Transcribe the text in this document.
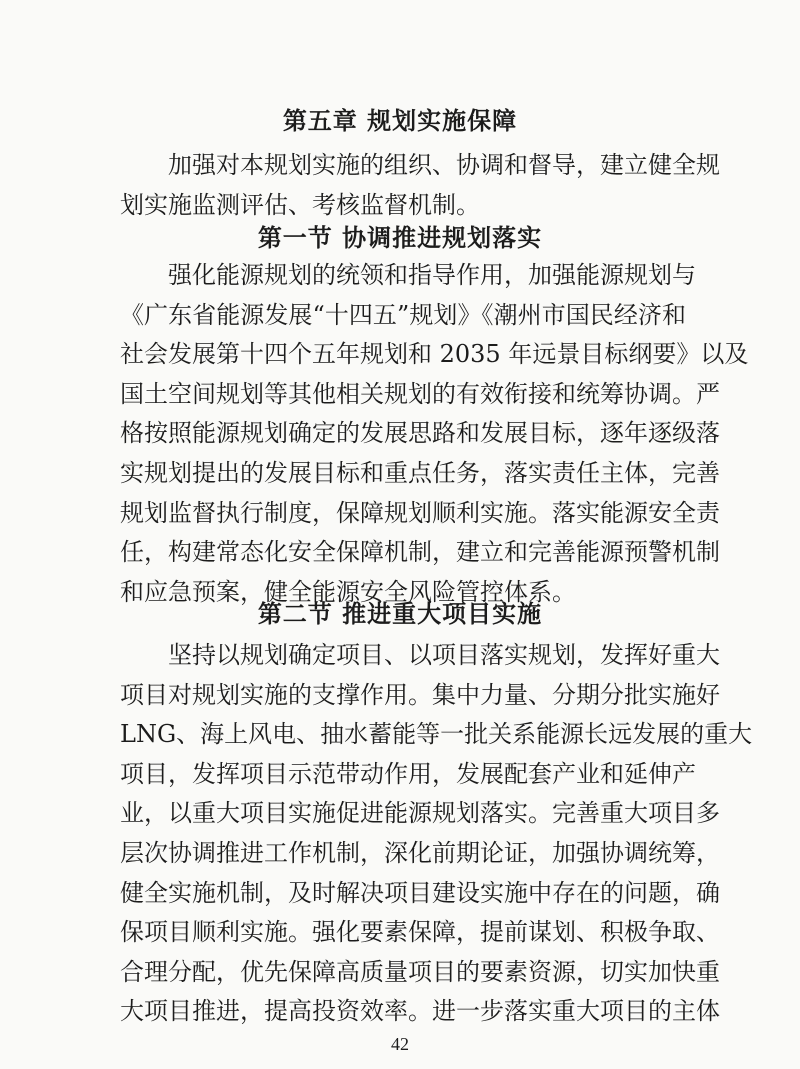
第五章 规划实施保障
加强对本规划实施的组织、协调和督导，建立健全规
划实施监测评估、考核监督机制。
第一节 协调推进规划落实
强化能源规划的统领和指导作用，加强能源规划与
《广东省能源发展“十四五”规划》《潮州市国民经济和
社会发展第十四个五年规划和 2035 年远景目标纲要》以及
国土空间规划等其他相关规划的有效衔接和统筹协调。严
格按照能源规划确定的发展思路和发展目标，逐年逐级落
实规划提出的发展目标和重点任务，落实责任主体，完善
规划监督执行制度，保障规划顺利实施。落实能源安全责
任，构建常态化安全保障机制，建立和完善能源预警机制
和应急预案，健全能源安全风险管控体系。
第二节 推进重大项目实施
坚持以规划确定项目、以项目落实规划，发挥好重大
项目对规划实施的支撑作用。集中力量、分期分批实施好
LNG、海上风电、抽水蓄能等一批关系能源长远发展的重大
项目，发挥项目示范带动作用，发展配套产业和延伸产
业，以重大项目实施促进能源规划落实。完善重大项目多
层次协调推进工作机制，深化前期论证，加强协调统筹，
健全实施机制，及时解决项目建设实施中存在的问题，确
保项目顺利实施。强化要素保障，提前谋划、积极争取、
合理分配，优先保障高质量项目的要素资源，切实加快重
大项目推进，提高投资效率。进一步落实重大项目的主体
42
